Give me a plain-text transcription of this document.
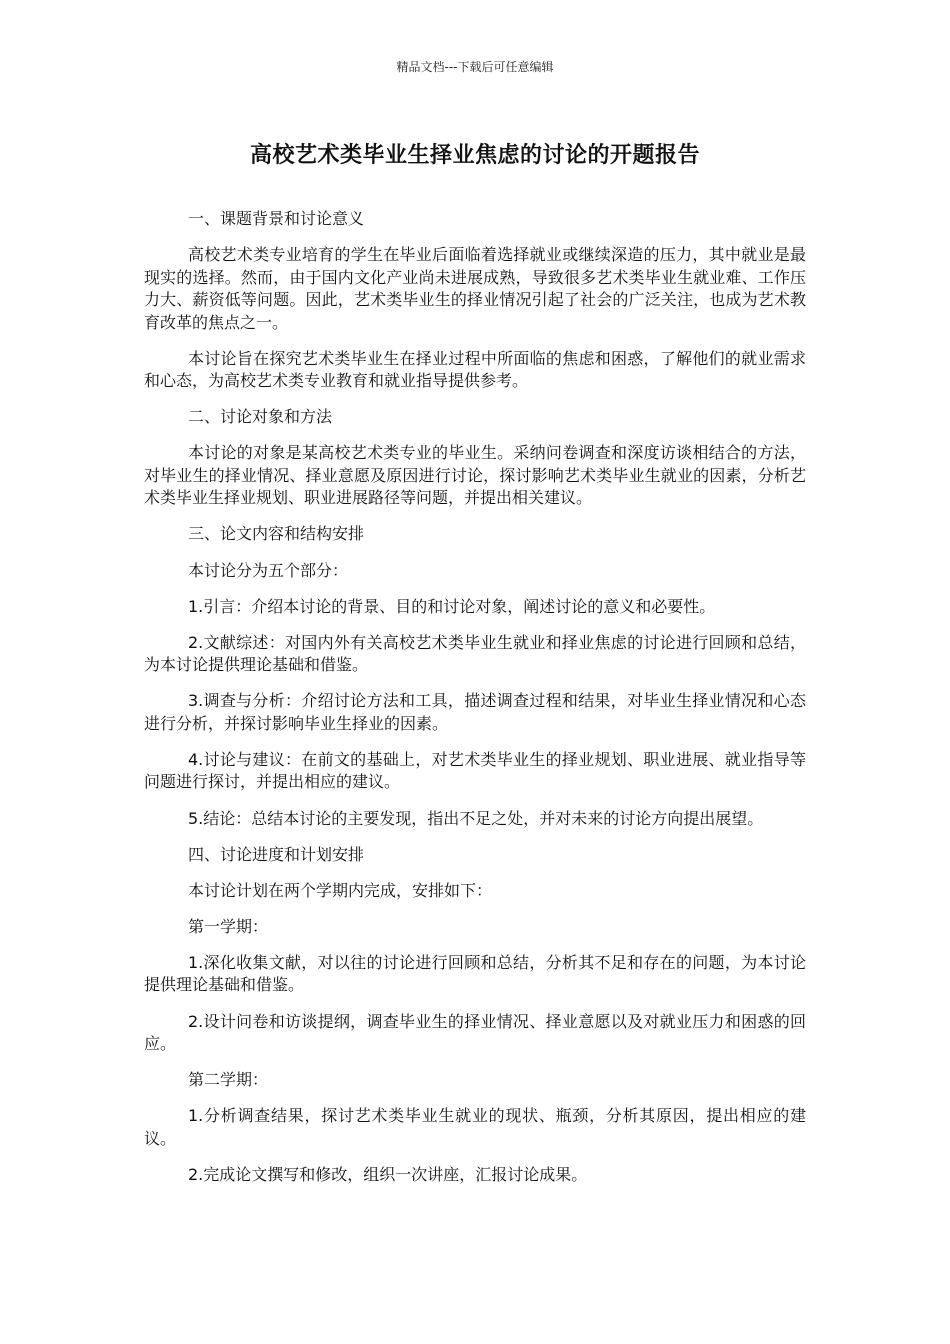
精品文档---下载后可任意编辑
高校艺术类毕业生择业焦虑的讨论的开题报告

一、课题背景和讨论意义

高校艺术类专业培育的学生在毕业后面临着选择就业或继续深造的压力，其中就业是最现实的选择。然而，由于国内文化产业尚未进展成熟，导致很多艺术类毕业生就业难、工作压力大、薪资低等问题。因此，艺术类毕业生的择业情况引起了社会的广泛关注，也成为艺术教育改革的焦点之一。

本讨论旨在探究艺术类毕业生在择业过程中所面临的焦虑和困惑，了解他们的就业需求和心态，为高校艺术类专业教育和就业指导提供参考。

二、讨论对象和方法

本讨论的对象是某高校艺术类专业的毕业生。采纳问卷调查和深度访谈相结合的方法，对毕业生的择业情况、择业意愿及原因进行讨论，探讨影响艺术类毕业生就业的因素，分析艺术类毕业生择业规划、职业进展路径等问题，并提出相关建议。

三、论文内容和结构安排

本讨论分为五个部分：

1.引言：介绍本讨论的背景、目的和讨论对象，阐述讨论的意义和必要性。

2.文献综述：对国内外有关高校艺术类毕业生就业和择业焦虑的讨论进行回顾和总结，为本讨论提供理论基础和借鉴。

3.调查与分析：介绍讨论方法和工具，描述调查过程和结果，对毕业生择业情况和心态进行分析，并探讨影响毕业生择业的因素。

4.讨论与建议：在前文的基础上，对艺术类毕业生的择业规划、职业进展、就业指导等问题进行探讨，并提出相应的建议。

5.结论：总结本讨论的主要发现，指出不足之处，并对未来的讨论方向提出展望。

四、讨论进度和计划安排

本讨论计划在两个学期内完成，安排如下：

第一学期：

1.深化收集文献，对以往的讨论进行回顾和总结，分析其不足和存在的问题，为本讨论提供理论基础和借鉴。

2.设计问卷和访谈提纲，调查毕业生的择业情况、择业意愿以及对就业压力和困惑的回应。

第二学期：

1.分析调查结果，探讨艺术类毕业生就业的现状、瓶颈，分析其原因，提出相应的建议。

2.完成论文撰写和修改，组织一次讲座，汇报讨论成果。
